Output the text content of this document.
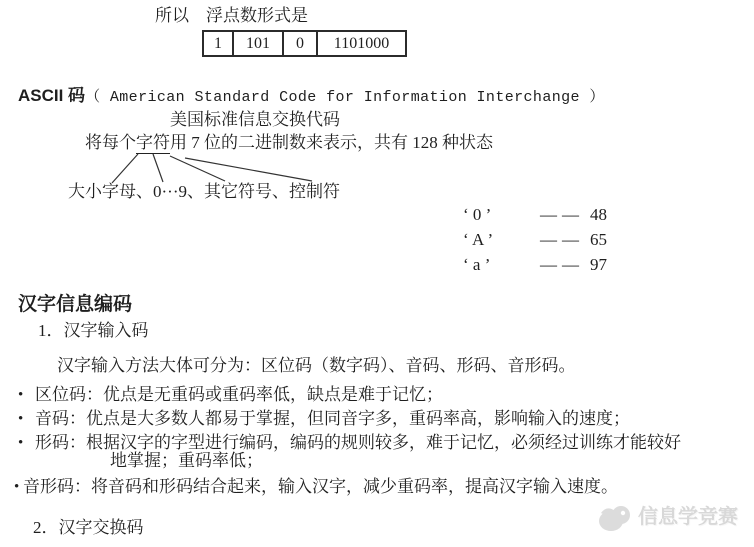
所以　浮点数形式是
1	101	0	1101000
ASCII 码（ American Standard Code for Information Interchange ）
美国标准信息交换代码
将每个字符用 7 位的二进制数来表示，共有 128 种状态
大小字母、0···9、其它符号、控制符
‘ 0 ’	—— 48
‘ A ’	—— 65
‘ a ’	—— 97
汉字信息编码
1．汉字输入码
汉字输入方法大体可分为：区位码（数字码）、音码、形码、音形码。
• 区位码：优点是无重码或重码率低，缺点是难于记忆；
• 音码：优点是大多数人都易于掌握，但同音字多，重码率高，影响输入的速度；
• 形码：根据汉字的字型进行编码，编码的规则较多，难于记忆，必须经过训练才能较好
地掌握；重码率低；
• 音形码：将音码和形码结合起来，输入汉字，减少重码率，提高汉字输入速度。
信息学竞赛
2．汉字交换码
